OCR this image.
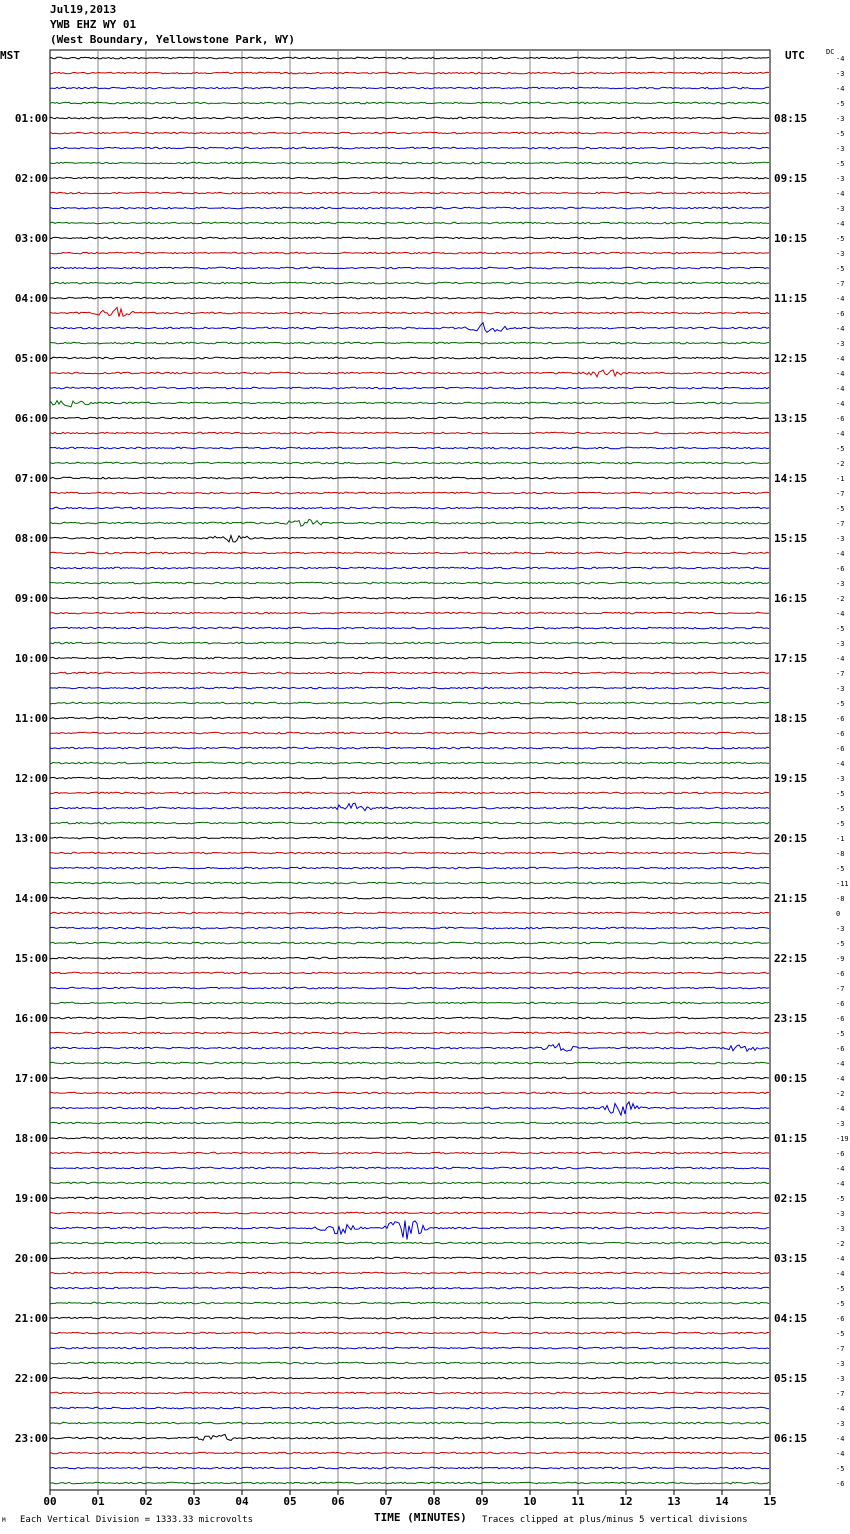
Jul19,2013
YWB EHZ WY 01
(West Boundary, Yellowstone Park, WY)
MST	UTC	DC
-4
-3
-4
-5
-3
-5
-3
-5
-3
-4
-3
-4
-5
-3
-5
-7
-4
-6
-4
-3
-4
-4
-4
-4
-6
-4
-5
-2
-1
-7
-5
-7
-3
-4
-6
-3
-2
-4
-5
-3
-4
-7
-3
-5
-6
-6
-6
-4
-3
-5
-5
-5
-1
-8
-5
-11
-8
0
-3
-5
-9
-6
-7
-6
-6
-5
-6
-4
-4
-2
-4
-3
-19
-6
-4
-4
-5
-3
-3
-2
-4
-4
-5
-5
-6
-5
-7
-3
-3
-7
-4
-3
-4
-4
-5
-6
01:00
02:00
03:00
04:00
05:00
06:00
07:00
08:00
09:00
10:00
11:00
12:00
13:00
14:00
15:00
16:00
17:00
18:00
19:00
20:00
21:00
22:00
23:00
08:15
09:15
10:15
11:15
12:15
13:15
14:15
15:15
16:15
17:15
18:15
19:15
20:15
21:15
22:15
23:15
00:15
01:15
02:15
03:15
04:15
05:15
06:15
00	01	02	03	04	05	06	07	08	09	10	11	12	13	14	15
M Each Vertical Division = 1333.33 microvolts	TIME (MINUTES) Traces clipped at plus/minus 5 vertical divisions
